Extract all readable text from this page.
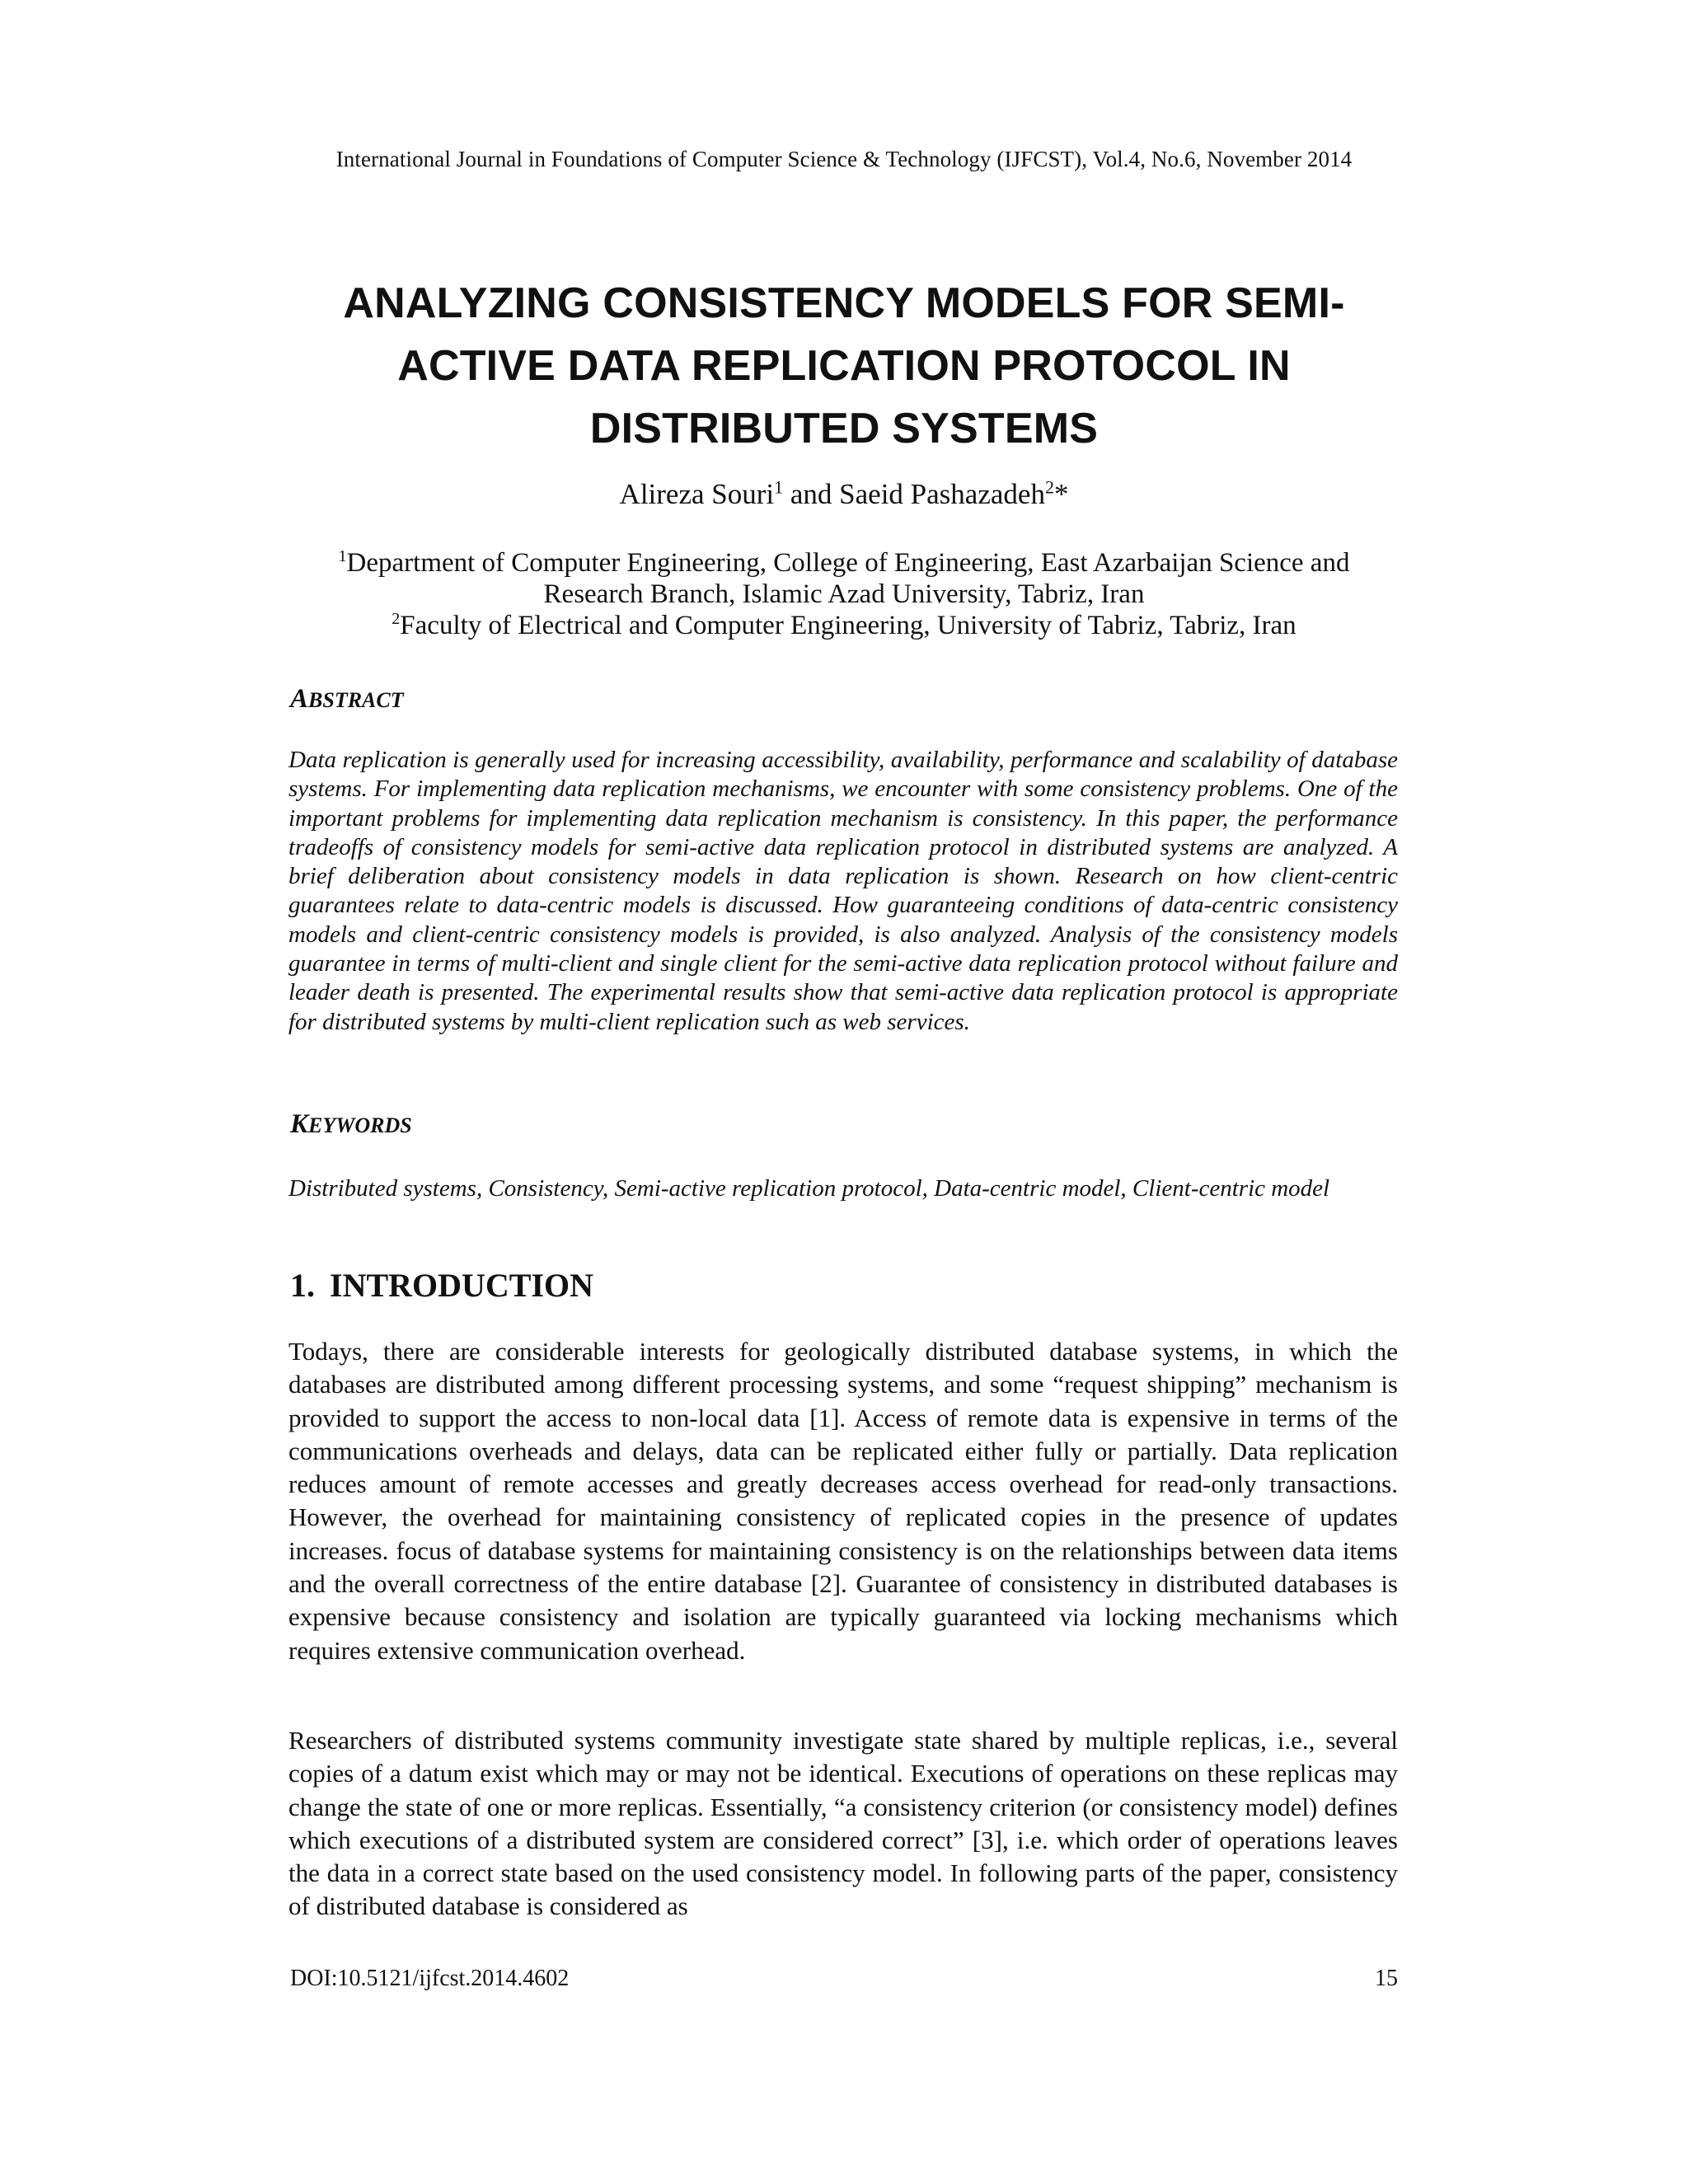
International Journal in Foundations of Computer Science & Technology (IJFCST), Vol.4, No.6, November 2014
ANALYZING CONSISTENCY MODELS FOR SEMI-
ACTIVE DATA REPLICATION PROTOCOL IN
DISTRIBUTED SYSTEMS
Alireza Souri$^1$ and Saeid Pashazadeh$^2$*
$^1$Department of Computer Engineering, College of Engineering, East Azarbaijan Science and
Research Branch, Islamic Azad University, Tabriz, Iran
$^2$Faculty of Electrical and Computer Engineering, University of Tabriz, Tabriz, Iran
ABSTRACT

Data replication is generally used for increasing accessibility, availability, performance and scalability of database systems. For implementing data replication mechanisms, we encounter with some consistency problems. One of the important problems for implementing data replication mechanism is consistency. In this paper, the performance tradeoffs of consistency models for semi-active data replication protocol in distributed systems are analyzed. A brief deliberation about consistency models in data replication is shown. Research on how client-centric guarantees relate to data-centric models is discussed. How guaranteeing conditions of data-centric consistency models and client-centric consistency models is provided, is also analyzed. Analysis of the consistency models guarantee in terms of multi-client and single client for the semi-active data replication protocol without failure and leader death is presented. The experimental results show that semi-active data replication protocol is appropriate for distributed systems by multi-client replication such as web services.

KEYWORDS

Distributed systems, Consistency, Semi-active replication protocol, Data-centric model, Client-centric model

1. INTRODUCTION

Todays, there are considerable interests for geologically distributed database systems, in which the databases are distributed among different processing systems, and some “request shipping” mechanism is provided to support the access to non-local data [1]. Access of remote data is expensive in terms of the communications overheads and delays, data can be replicated either fully or partially. Data replication reduces amount of remote accesses and greatly decreases access overhead for read-only transactions. However, the overhead for maintaining consistency of replicated copies in the presence of updates increases. focus of database systems for maintaining consistency is on the relationships between data items and the overall correctness of the entire database [2]. Guarantee of consistency in distributed databases is expensive because consistency and isolation are typically guaranteed via locking mechanisms which requires extensive communication overhead.

Researchers of distributed systems community investigate state shared by multiple replicas, i.e., several copies of a datum exist which may or may not be identical. Executions of operations on these replicas may change the state of one or more replicas. Essentially, “a consistency criterion (or consistency model) defines which executions of a distributed system are considered correct” [3], i.e. which order of operations leaves the data in a correct state based on the used consistency model. In following parts of the paper, consistency of distributed database is considered as

DOI:10.5121/ijfcst.2014.4602	15
